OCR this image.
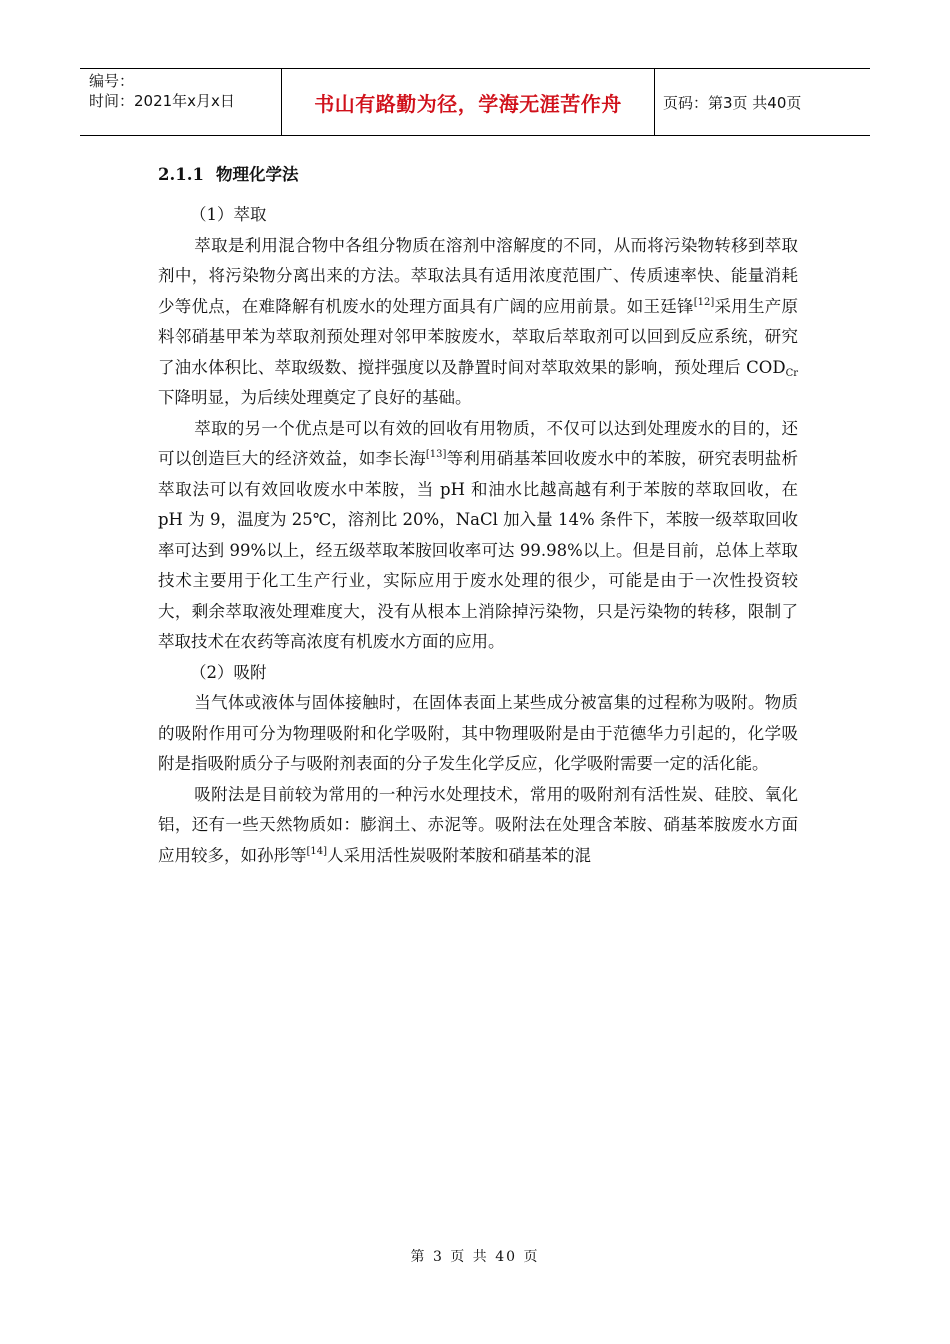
编号：
时间：2021年x月x日	书山有路勤为径，学海无涯苦作舟	页码：第3页 共40页
2.1.1 物理化学法

（1）萃取

萃取是利用混合物中各组分物质在溶剂中溶解度的不同，从而将污染物转移到萃取剂中，将污染物分离出来的方法。萃取法具有适用浓度范围广、传质速率快、能量消耗少等优点，在难降解有机废水的处理方面具有广阔的应用前景。如王廷锋[12]采用生产原料邻硝基甲苯为萃取剂预处理对邻甲苯胺废水，萃取后萃取剂可以回到反应系统，研究了油水体积比、萃取级数、搅拌强度以及静置时间对萃取效果的影响，预处理后 $COD_{Cr}$下降明显，为后续处理奠定了良好的基础。

萃取的另一个优点是可以有效的回收有用物质，不仅可以达到处理废水的目的，还可以创造巨大的经济效益，如李长海[13]等利用硝基苯回收废水中的苯胺，研究表明盐析萃取法可以有效回收废水中苯胺，当 pH 和油水比越高越有利于苯胺的萃取回收，在 pH 为 9，温度为 25℃，溶剂比 20%，NaCl 加入量 14% 条件下，苯胺一级萃取回收率可达到 99%以上，经五级萃取苯胺回收率可达 99.98%以上。但是目前，总体上萃取技术主要用于化工生产行业，实际应用于废水处理的很少，可能是由于一次性投资较大，剩余萃取液处理难度大，没有从根本上消除掉污染物，只是污染物的转移，限制了萃取技术在农药等高浓度有机废水方面的应用。

（2）吸附

当气体或液体与固体接触时，在固体表面上某些成分被富集的过程称为吸附。物质的吸附作用可分为物理吸附和化学吸附，其中物理吸附是由于范德华力引起的，化学吸附是指吸附质分子与吸附剂表面的分子发生化学反应，化学吸附需要一定的活化能。

吸附法是目前较为常用的一种污水处理技术，常用的吸附剂有活性炭、硅胶、氧化铝，还有一些天然物质如：膨润土、赤泥等。吸附法在处理含苯胺、硝基苯胺废水方面应用较多，如孙彤等[14]人采用活性炭吸附苯胺和硝基苯的混

第 3 页 共 40 页
